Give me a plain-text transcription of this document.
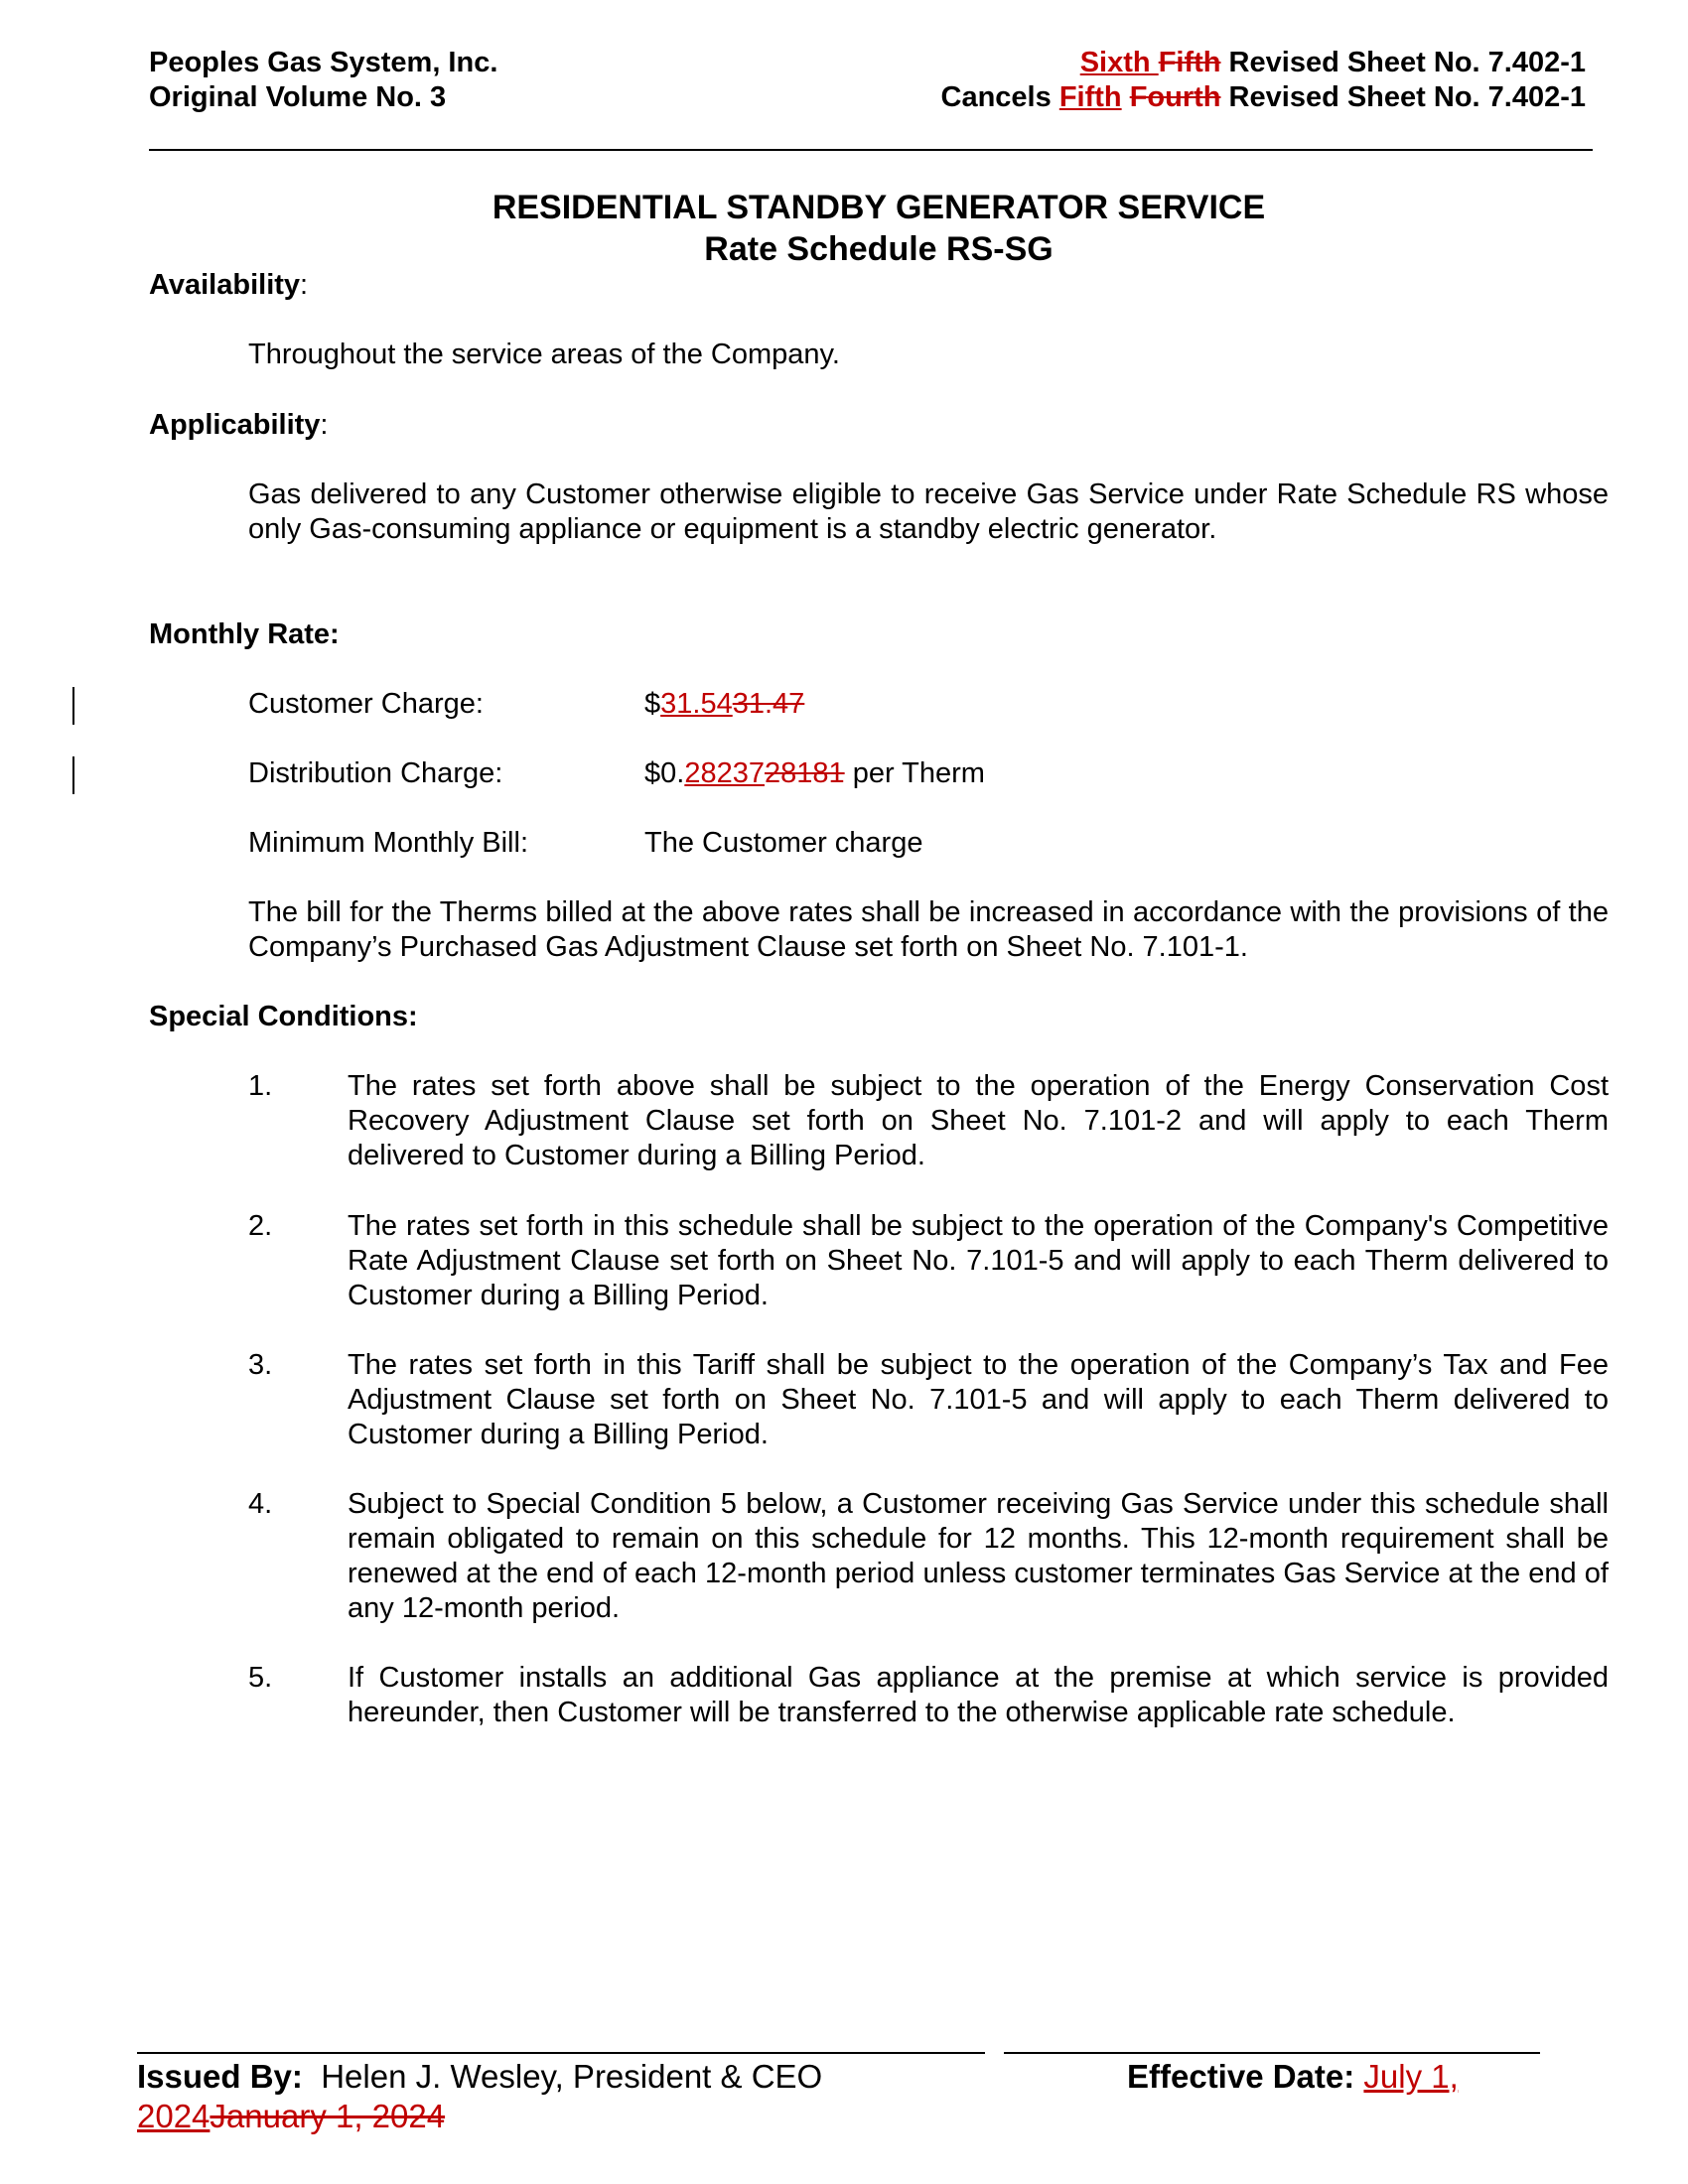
Peoples Gas System, Inc.
Original Volume No. 3
Sixth Fifth Revised Sheet No. 7.402-1
Cancels Fifth Fourth Revised Sheet No. 7.402-1
RESIDENTIAL STANDBY GENERATOR SERVICE
Rate Schedule RS-SG
Availability:
Throughout the service areas of the Company.
Applicability:
Gas delivered to any Customer otherwise eligible to receive Gas Service under Rate Schedule RS whose only Gas-consuming appliance or equipment is a standby electric generator.
Monthly Rate:
Customer Charge:	$31.5431.47
Distribution Charge:	$0.2823728181 per Therm
Minimum Monthly Bill:	The Customer charge
The bill for the Therms billed at the above rates shall be increased in accordance with the provisions of the Company’s Purchased Gas Adjustment Clause set forth on Sheet No. 7.101-1.
Special Conditions:
1.	The rates set forth above shall be subject to the operation of the Energy Conservation Cost Recovery Adjustment Clause set forth on Sheet No. 7.101-2 and will apply to each Therm delivered to Customer during a Billing Period.
2.	The rates set forth in this schedule shall be subject to the operation of the Company's Competitive Rate Adjustment Clause set forth on Sheet No. 7.101-5 and will apply to each Therm delivered to Customer during a Billing Period.
3.	The rates set forth in this Tariff shall be subject to the operation of the Company’s Tax and Fee Adjustment Clause set forth on Sheet No. 7.101-5 and will apply to each Therm delivered to Customer during a Billing Period.
4.	Subject to Special Condition 5 below, a Customer receiving Gas Service under this schedule shall remain obligated to remain on this schedule for 12 months. This 12-month requirement shall be renewed at the end of each 12-month period unless customer terminates Gas Service at the end of any 12-month period.
5.	If Customer installs an additional Gas appliance at the premise at which service is provided hereunder, then Customer will be transferred to the otherwise applicable rate schedule.
Issued By:  Helen J. Wesley, President & CEO	Effective Date: July 1,
2024January 1, 2024
